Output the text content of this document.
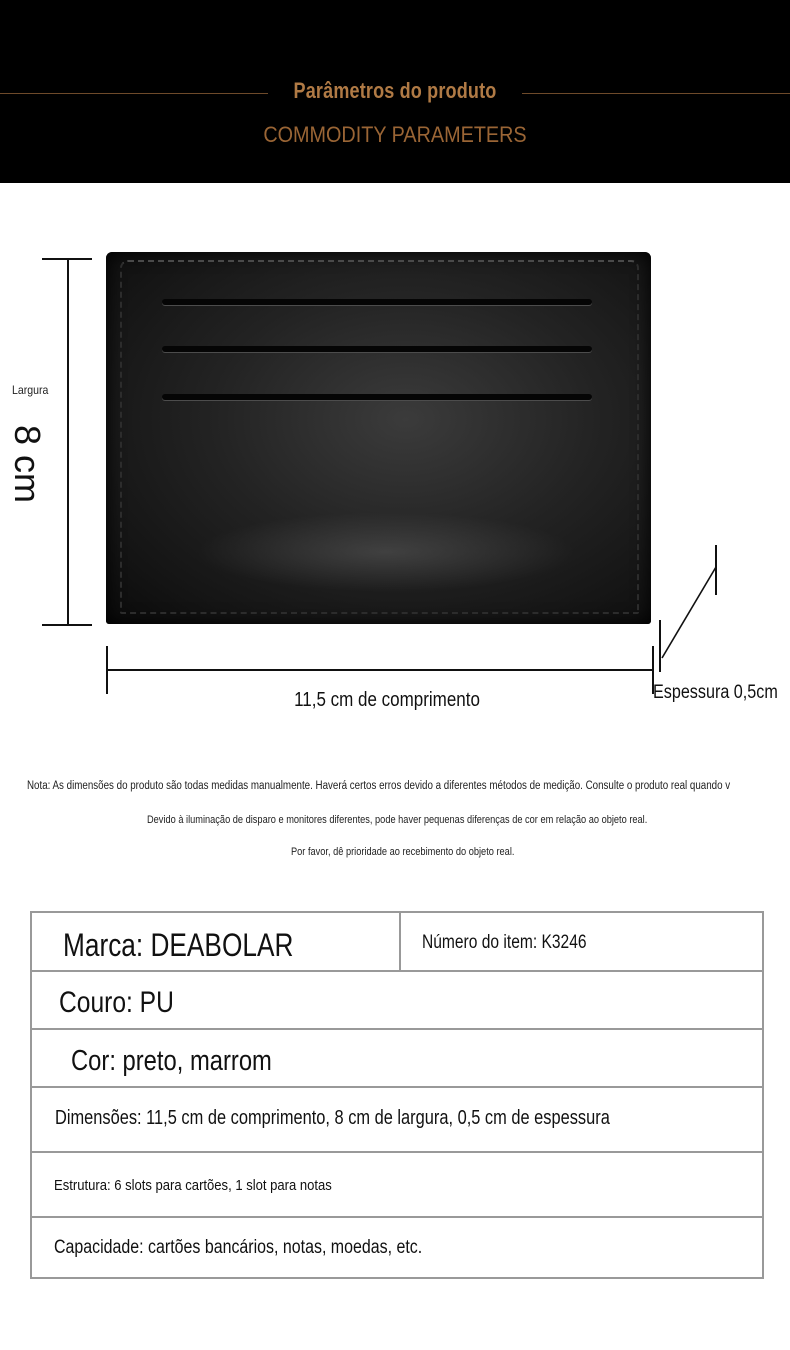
Parâmetros do produto
COMMODITY PARAMETERS
Largura
8 cm
11,5 cm de comprimento	Espessura 0,5cm
Nota: As dimensões do produto são todas medidas manualmente. Haverá certos erros devido a diferentes métodos de medição. Consulte o produto real quando v
Devido à iluminação de disparo e monitores diferentes, pode haver pequenas diferenças de cor em relação ao objeto real.
Por favor, dê prioridade ao recebimento do objeto real.
Marca: DEABOLAR	Número do item: K3246
Couro: PU
Cor: preto, marrom
Dimensões: 11,5 cm de comprimento, 8 cm de largura, 0,5 cm de espessura
Estrutura: 6 slots para cartões, 1 slot para notas
Capacidade: cartões bancários, notas, moedas, etc.
